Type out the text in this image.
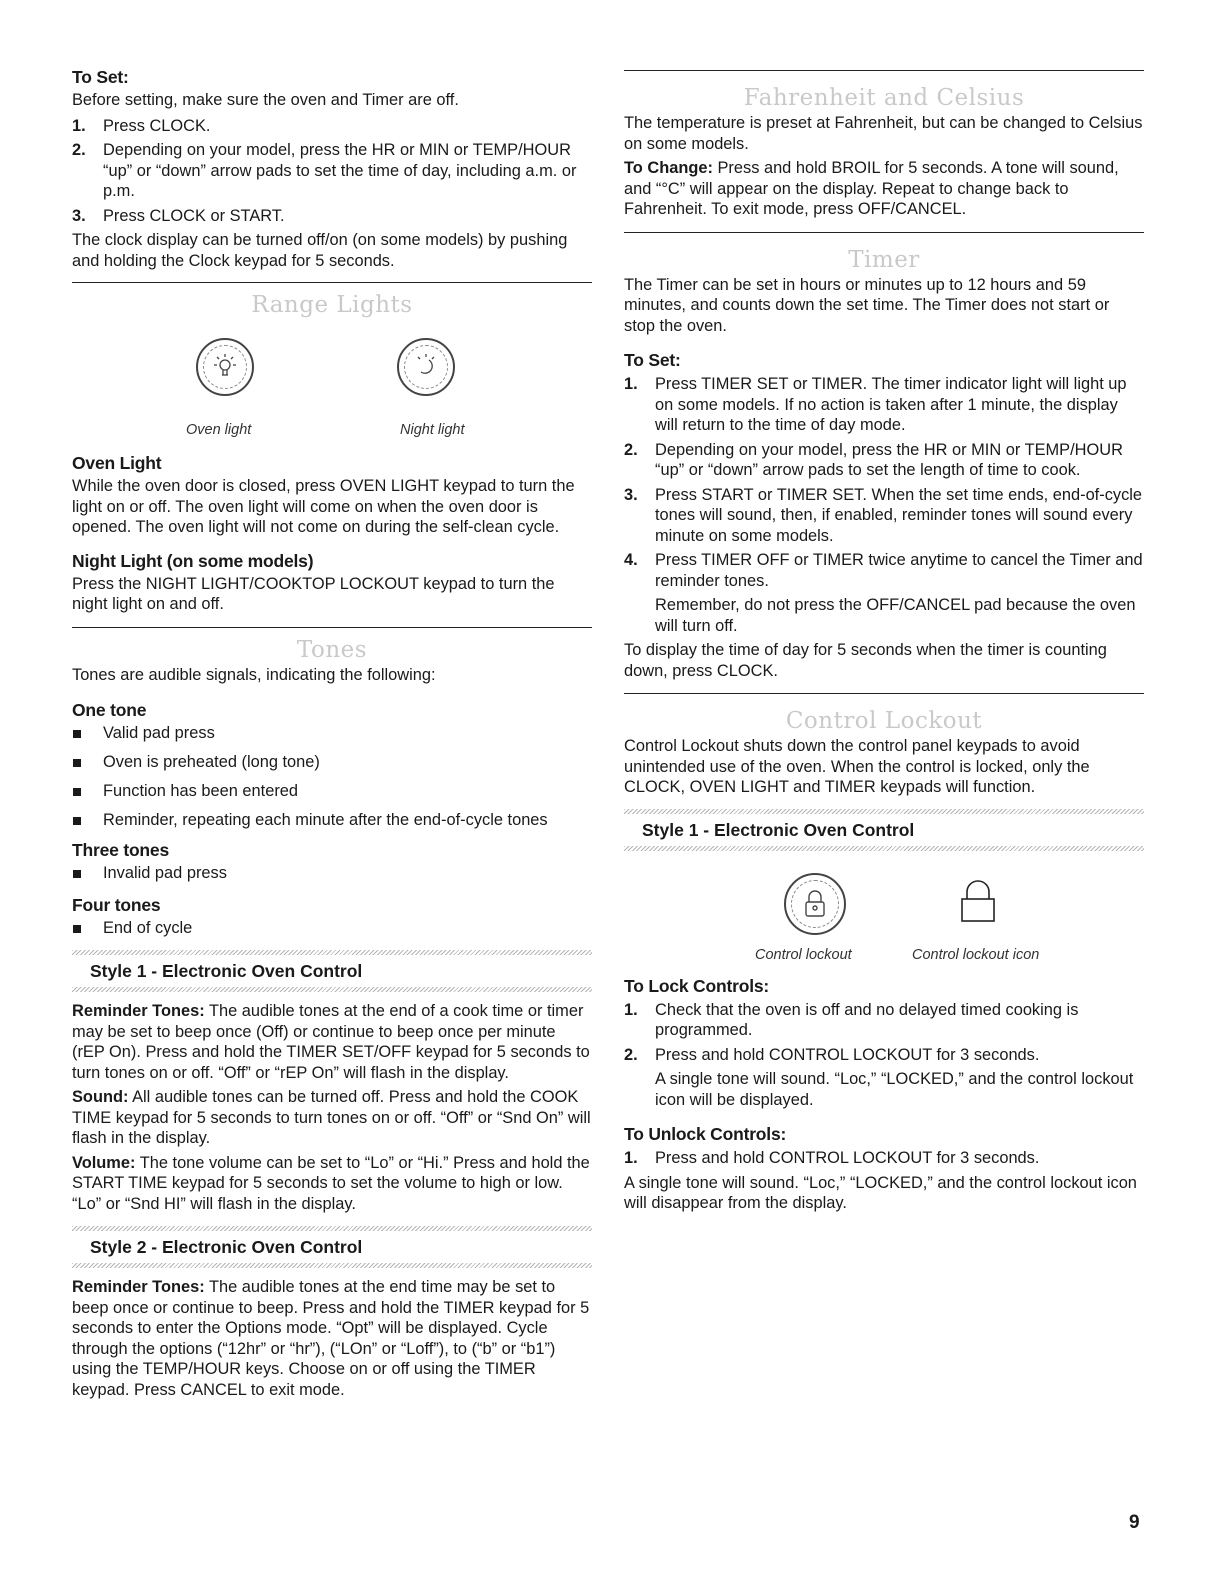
To Set:

Before setting, make sure the oven and Timer are off.

1. Press CLOCK.
2. Depending on your model, press the HR or MIN or TEMP/HOUR “up” or “down” arrow pads to set the time of day, including a.m. or p.m.
3. Press CLOCK or START.

The clock display can be turned off/on (on some models) by pushing and holding the Clock keypad for 5 seconds.

Range Lights
Oven light	Night light
Oven Light

While the oven door is closed, press OVEN LIGHT keypad to turn the light on or off. The oven light will come on when the oven door is opened. The oven light will not come on during the self-clean cycle.

Night Light (on some models)

Press the NIGHT LIGHT/COOKTOP LOCKOUT keypad to turn the night light on and off.

Tones

Tones are audible signals, indicating the following:

One tone
Valid pad press
Oven is preheated (long tone)
Function has been entered
Reminder, repeating each minute after the end-of-cycle tones
Three tones
Invalid pad press
Four tones
End of cycle
Style 1 - Electronic Oven Control

Reminder Tones: The audible tones at the end of a cook time or timer may be set to beep once (Off) or continue to beep once per minute (rEP On). Press and hold the TIMER SET/OFF keypad for 5 seconds to turn tones on or off. “Off” or “rEP On” will flash in the display.

Sound: All audible tones can be turned off. Press and hold the COOK TIME keypad for 5 seconds to turn tones on or off. “Off” or “Snd On” will flash in the display.

Volume: The tone volume can be set to “Lo” or “Hi.” Press and hold the START TIME keypad for 5 seconds to set the volume to high or low. “Lo” or “Snd HI” will flash in the display.

Style 2 - Electronic Oven Control

Reminder Tones: The audible tones at the end time may be set to beep once or continue to beep. Press and hold the TIMER keypad for 5 seconds to enter the Options mode. “Opt” will be displayed. Cycle through the options (“12hr” or “hr”), (“LOn” or “Loff”), to (“b” or “b1”) using the TEMP/HOUR keys. Choose on or off using the TIMER keypad. Press CANCEL to exit mode.

Fahrenheit and Celsius

The temperature is preset at Fahrenheit, but can be changed to Celsius on some models.

To Change: Press and hold BROIL for 5 seconds. A tone will sound, and “°C” will appear on the display. Repeat to change back to Fahrenheit. To exit mode, press OFF/CANCEL.

Timer

The Timer can be set in hours or minutes up to 12 hours and 59 minutes, and counts down the set time. The Timer does not start or stop the oven.

To Set:
1. Press TIMER SET or TIMER. The timer indicator light will light up on some models. If no action is taken after 1 minute, the display will return to the time of day mode.
2. Depending on your model, press the HR or MIN or TEMP/HOUR “up” or “down” arrow pads to set the length of time to cook.
3. Press START or TIMER SET. When the set time ends, end-of-cycle tones will sound, then, if enabled, reminder tones will sound every minute on some models.
4. Press TIMER OFF or TIMER twice anytime to cancel the Timer and reminder tones.
Remember, do not press the OFF/CANCEL pad because the oven will turn off.

To display the time of day for 5 seconds when the timer is counting down, press CLOCK.

Control Lockout

Control Lockout shuts down the control panel keypads to avoid unintended use of the oven. When the control is locked, only the CLOCK, OVEN LIGHT and TIMER keypads will function.

Style 1 - Electronic Oven Control
Control lockout	Control lockout icon
To Lock Controls:
1. Check that the oven is off and no delayed timed cooking is programmed.
2. Press and hold CONTROL LOCKOUT for 3 seconds.
A single tone will sound. “Loc,” “LOCKED,” and the control lockout icon will be displayed.
To Unlock Controls:
1. Press and hold CONTROL LOCKOUT for 3 seconds.

A single tone will sound. “Loc,” “LOCKED,” and the control lockout icon will disappear from the display.

9
